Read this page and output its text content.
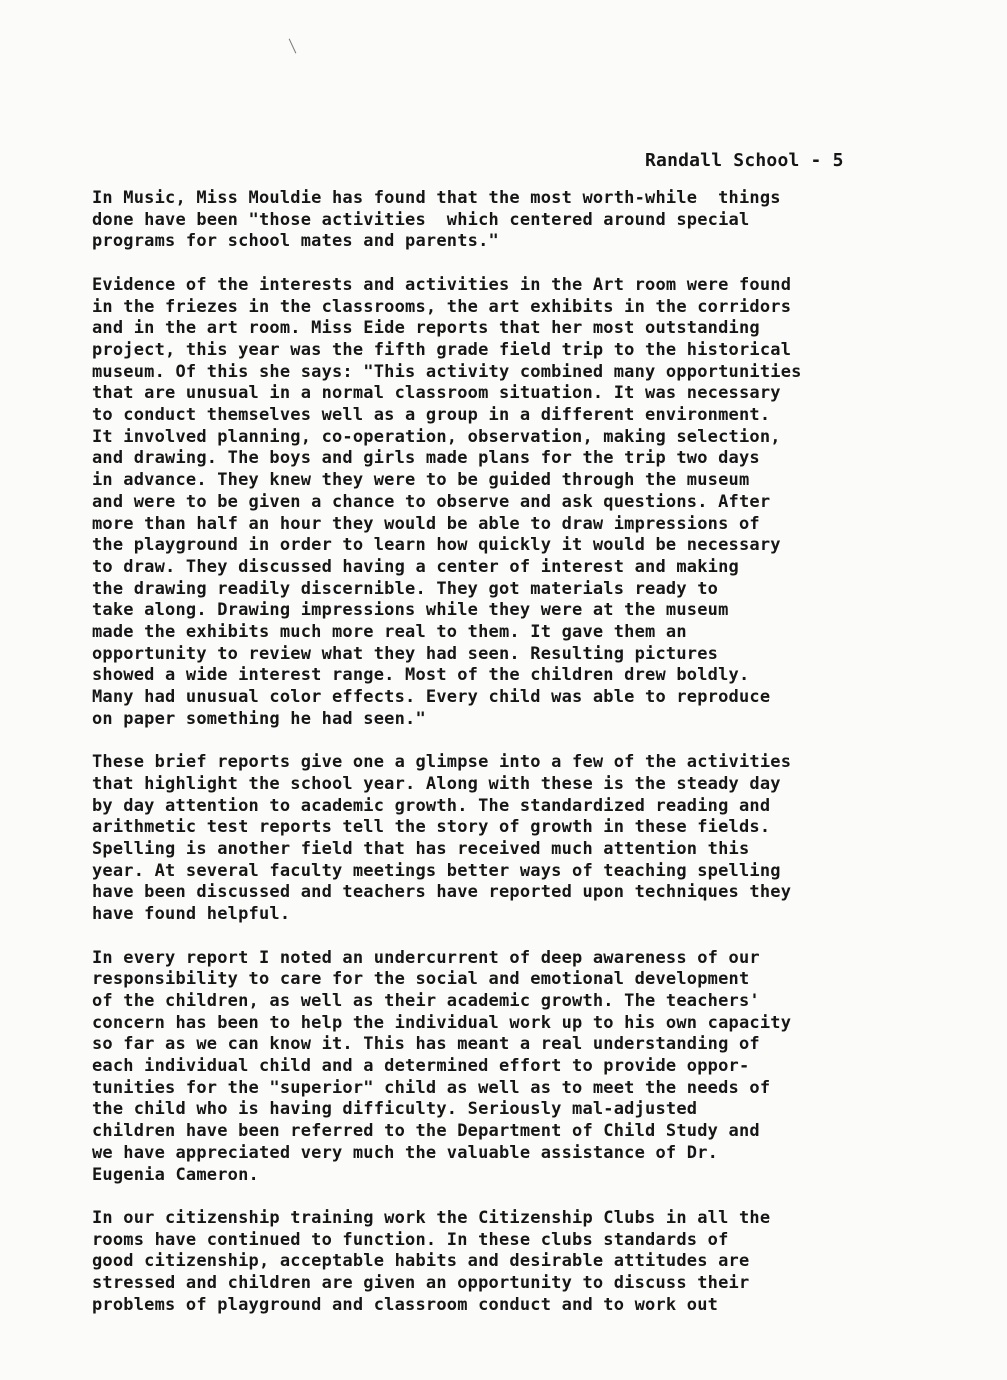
Randall School - 5
In Music, Miss Mouldie has found that the most worth-while  things
done have been "those activities  which centered around special
programs for school mates and parents."
Evidence of the interests and activities in the Art room were found
in the friezes in the classrooms, the art exhibits in the corridors
and in the art room. Miss Eide reports that her most outstanding
project, this year was the fifth grade field trip to the historical
museum. Of this she says: "This activity combined many opportunities
that are unusual in a normal classroom situation. It was necessary
to conduct themselves well as a group in a different environment.
It involved planning, co-operation, observation, making selection,
and drawing. The boys and girls made plans for the trip two days
in advance. They knew they were to be guided through the museum
and were to be given a chance to observe and ask questions. After
more than half an hour they would be able to draw impressions of
the playground in order to learn how quickly it would be necessary
to draw. They discussed having a center of interest and making
the drawing readily discernible. They got materials ready to
take along. Drawing impressions while they were at the museum
made the exhibits much more real to them. It gave them an
opportunity to review what they had seen. Resulting pictures
showed a wide interest range. Most of the children drew boldly.
Many had unusual color effects. Every child was able to reproduce
on paper something he had seen."
These brief reports give one a glimpse into a few of the activities
that highlight the school year. Along with these is the steady day
by day attention to academic growth. The standardized reading and
arithmetic test reports tell the story of growth in these fields.
Spelling is another field that has received much attention this
year. At several faculty meetings better ways of teaching spelling
have been discussed and teachers have reported upon techniques they
have found helpful.
In every report I noted an undercurrent of deep awareness of our
responsibility to care for the social and emotional development
of the children, as well as their academic growth. The teachers'
concern has been to help the individual work up to his own capacity
so far as we can know it. This has meant a real understanding of
each individual child and a determined effort to provide oppor-
tunities for the "superior" child as well as to meet the needs of
the child who is having difficulty. Seriously mal-adjusted
children have been referred to the Department of Child Study and
we have appreciated very much the valuable assistance of Dr.
Eugenia Cameron.
In our citizenship training work the Citizenship Clubs in all the
rooms have continued to function. In these clubs standards of
good citizenship, acceptable habits and desirable attitudes are
stressed and children are given an opportunity to discuss their
problems of playground and classroom conduct and to work out
